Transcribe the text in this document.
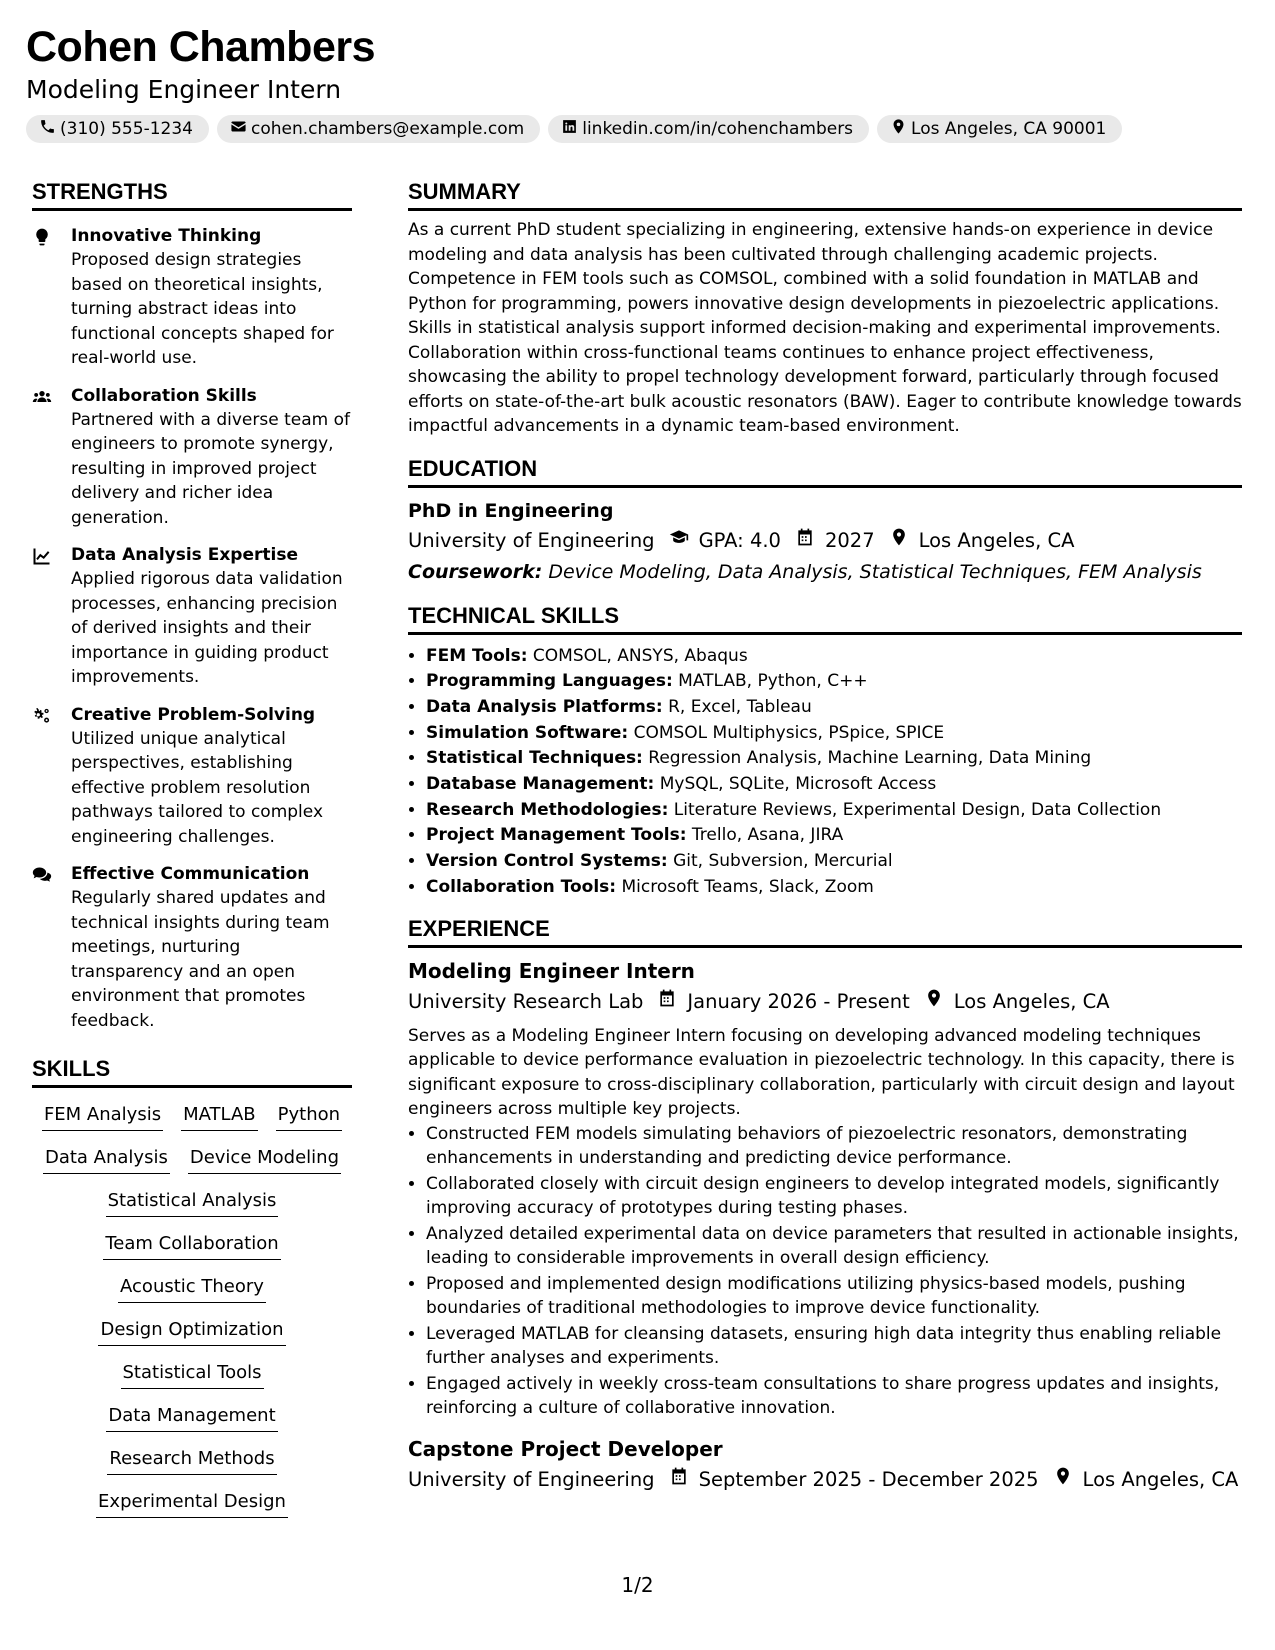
Cohen Chambers
Modeling Engineer Intern
(310) 555-1234	cohen.chambers@example.com	linkedin.com/in/cohenchambers	Los Angeles, CA 90001
STRENGTHS
Innovative Thinking
Proposed design strategies based on theoretical insights, turning abstract ideas into functional concepts shaped for real-world use.
Collaboration Skills
Partnered with a diverse team of engineers to promote synergy, resulting in improved project delivery and richer idea generation.
Data Analysis Expertise
Applied rigorous data validation processes, enhancing precision of derived insights and their importance in guiding product improvements.
Creative Problem-Solving
Utilized unique analytical perspectives, establishing effective problem resolution pathways tailored to complex engineering challenges.
Effective Communication
Regularly shared updates and technical insights during team meetings, nurturing transparency and an open environment that promotes feedback.
SKILLS
FEM Analysis MATLAB Python
Data Analysis Device Modeling
Statistical Analysis
Team Collaboration
Acoustic Theory
Design Optimization
Statistical Tools
Data Management
Research Methods
Experimental Design
SUMMARY

As a current PhD student specializing in engineering, extensive hands-on experience in device modeling and data analysis has been cultivated through challenging academic projects. Competence in FEM tools such as COMSOL, combined with a solid foundation in MATLAB and Python for programming, powers innovative design developments in piezoelectric applications. Skills in statistical analysis support informed decision-making and experimental improvements. Collaboration within cross-functional teams continues to enhance project effectiveness, showcasing the ability to propel technology development forward, particularly through focused efforts on state-of-the-art bulk acoustic resonators (BAW). Eager to contribute knowledge towards impactful advancements in a dynamic team-based environment.

EDUCATION
PhD in Engineering
University of Engineering GPA: 4.0 2027 Los Angeles, CA
Coursework: Device Modeling, Data Analysis, Statistical Techniques, FEM Analysis
TECHNICAL SKILLS
• FEM Tools: COMSOL, ANSYS, Abaqus
• Programming Languages: MATLAB, Python, C++
• Data Analysis Platforms: R, Excel, Tableau
• Simulation Software: COMSOL Multiphysics, PSpice, SPICE
• Statistical Techniques: Regression Analysis, Machine Learning, Data Mining
• Database Management: MySQL, SQLite, Microsoft Access
• Research Methodologies: Literature Reviews, Experimental Design, Data Collection
• Project Management Tools: Trello, Asana, JIRA
• Version Control Systems: Git, Subversion, Mercurial
• Collaboration Tools: Microsoft Teams, Slack, Zoom
EXPERIENCE
Modeling Engineer Intern
University Research Lab January 2026 - Present Los Angeles, CA

Serves as a Modeling Engineer Intern focusing on developing advanced modeling techniques applicable to device performance evaluation in piezoelectric technology. In this capacity, there is significant exposure to cross-disciplinary collaboration, particularly with circuit design and layout engineers across multiple key projects.

• Constructed FEM models simulating behaviors of piezoelectric resonators, demonstrating enhancements in understanding and predicting device performance.
• Collaborated closely with circuit design engineers to develop integrated models, significantly improving accuracy of prototypes during testing phases.
• Analyzed detailed experimental data on device parameters that resulted in actionable insights, leading to considerable improvements in overall design efficiency.
• Proposed and implemented design modifications utilizing physics-based models, pushing boundaries of traditional methodologies to improve device functionality.
• Leveraged MATLAB for cleansing datasets, ensuring high data integrity thus enabling reliable further analyses and experiments.
• Engaged actively in weekly cross-team consultations to share progress updates and insights, reinforcing a culture of collaborative innovation.
Capstone Project Developer
University of Engineering September 2025 - December 2025 Los Angeles, CA
1/2
